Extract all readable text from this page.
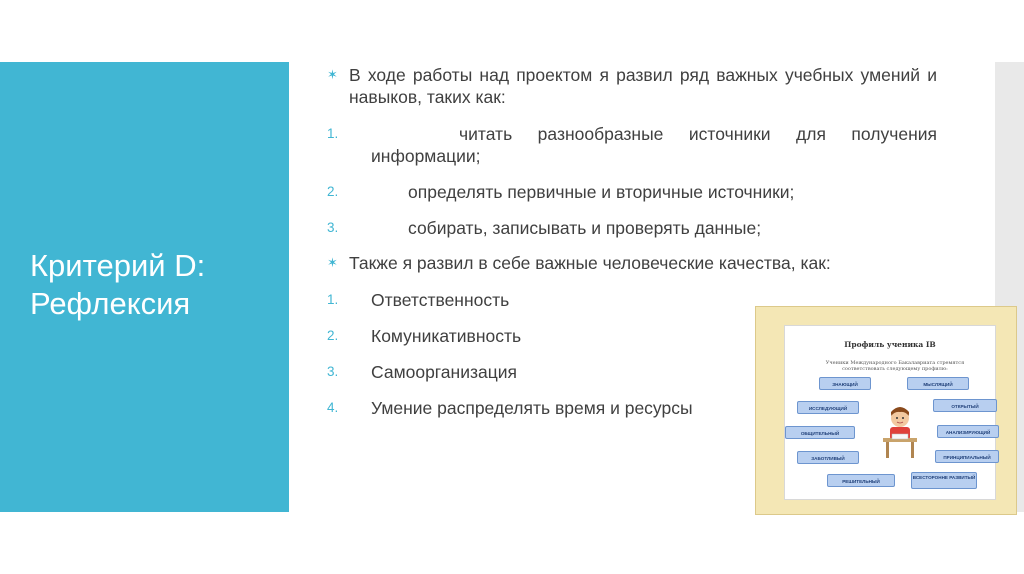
Критерий D:
Рефлексия
✶ В ходе работы над проектом я развил ряд важных учебных умений и навыков, таких как:
1.	читать разнообразные источники для получения информации;
2.	определять первичные и вторичные источники;
3.	собирать, записывать и проверять данные;
✶ Также я развил в себе важные человеческие качества, как:
1. Ответственность
2. Комуникативность
3. Самоорганизация
4. Умение распределять время и ресурсы
Профиль ученика IB
Ученики Международного Бакалавриата стремятся соответствовать следующему профилю:
ЗНАЮЩИЙ	МЫСЛЯЩИЙ
ИССЛЕДУЮЩИЙ	ОТКРЫТЫЙ
ОБЩИТЕЛЬНЫЙ	АНАЛИЗИРУЮЩИЙ
ЗАБОТЛИВЫЙ	ПРИНЦИПИАЛЬНЫЙ
РЕШИТЕЛЬНЫЙ
ВСЕСТОРОННЕ РАЗВИТЫЙ
